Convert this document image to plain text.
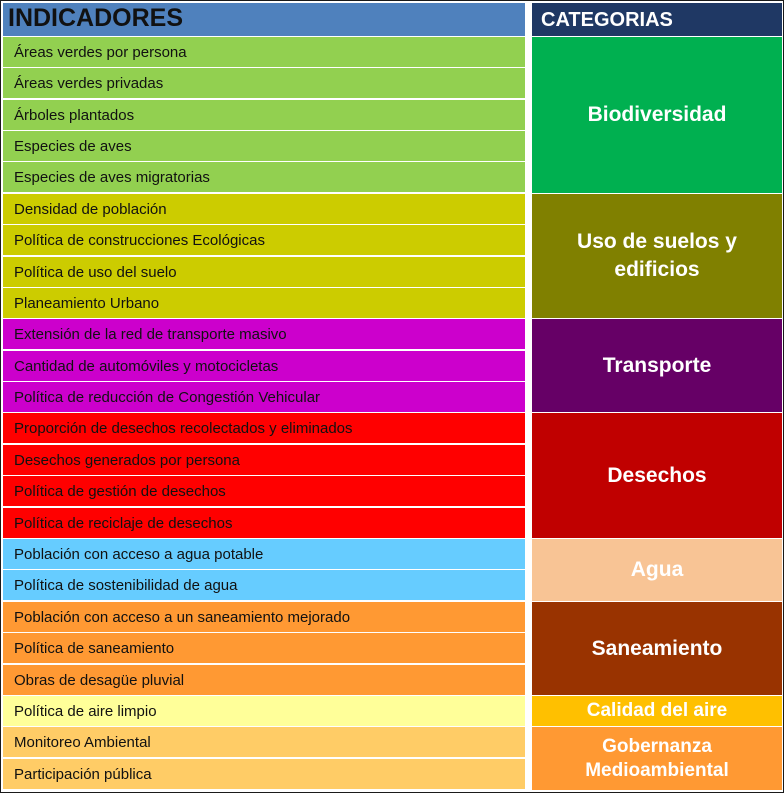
INDICADORES	CATEGORIAS
Áreas verdes por persona
Áreas verdes privadas
Árboles plantados
Especies de aves
Especies de aves migratorias
Densidad de población
Política de construcciones Ecológicas
Política de uso del suelo
Planeamiento Urbano
Extensión de la red de transporte masivo
Cantidad de automóviles y motocicletas
Política de reducción de Congestión Vehicular
Proporción de desechos recolectados y eliminados
Desechos generados por persona
Política de gestión de desechos
Política de reciclaje de desechos
Población con acceso a agua potable
Política de sostenibilidad de agua
Población con acceso a un saneamiento mejorado
Política de saneamiento
Obras de desagüe pluvial
Política de aire limpio
Monitoreo Ambiental
Participación pública
Biodiversidad
Uso de suelos y edificios
Transporte
Desechos
Agua
Saneamiento
Calidad del aire
Gobernanza Medioambiental
